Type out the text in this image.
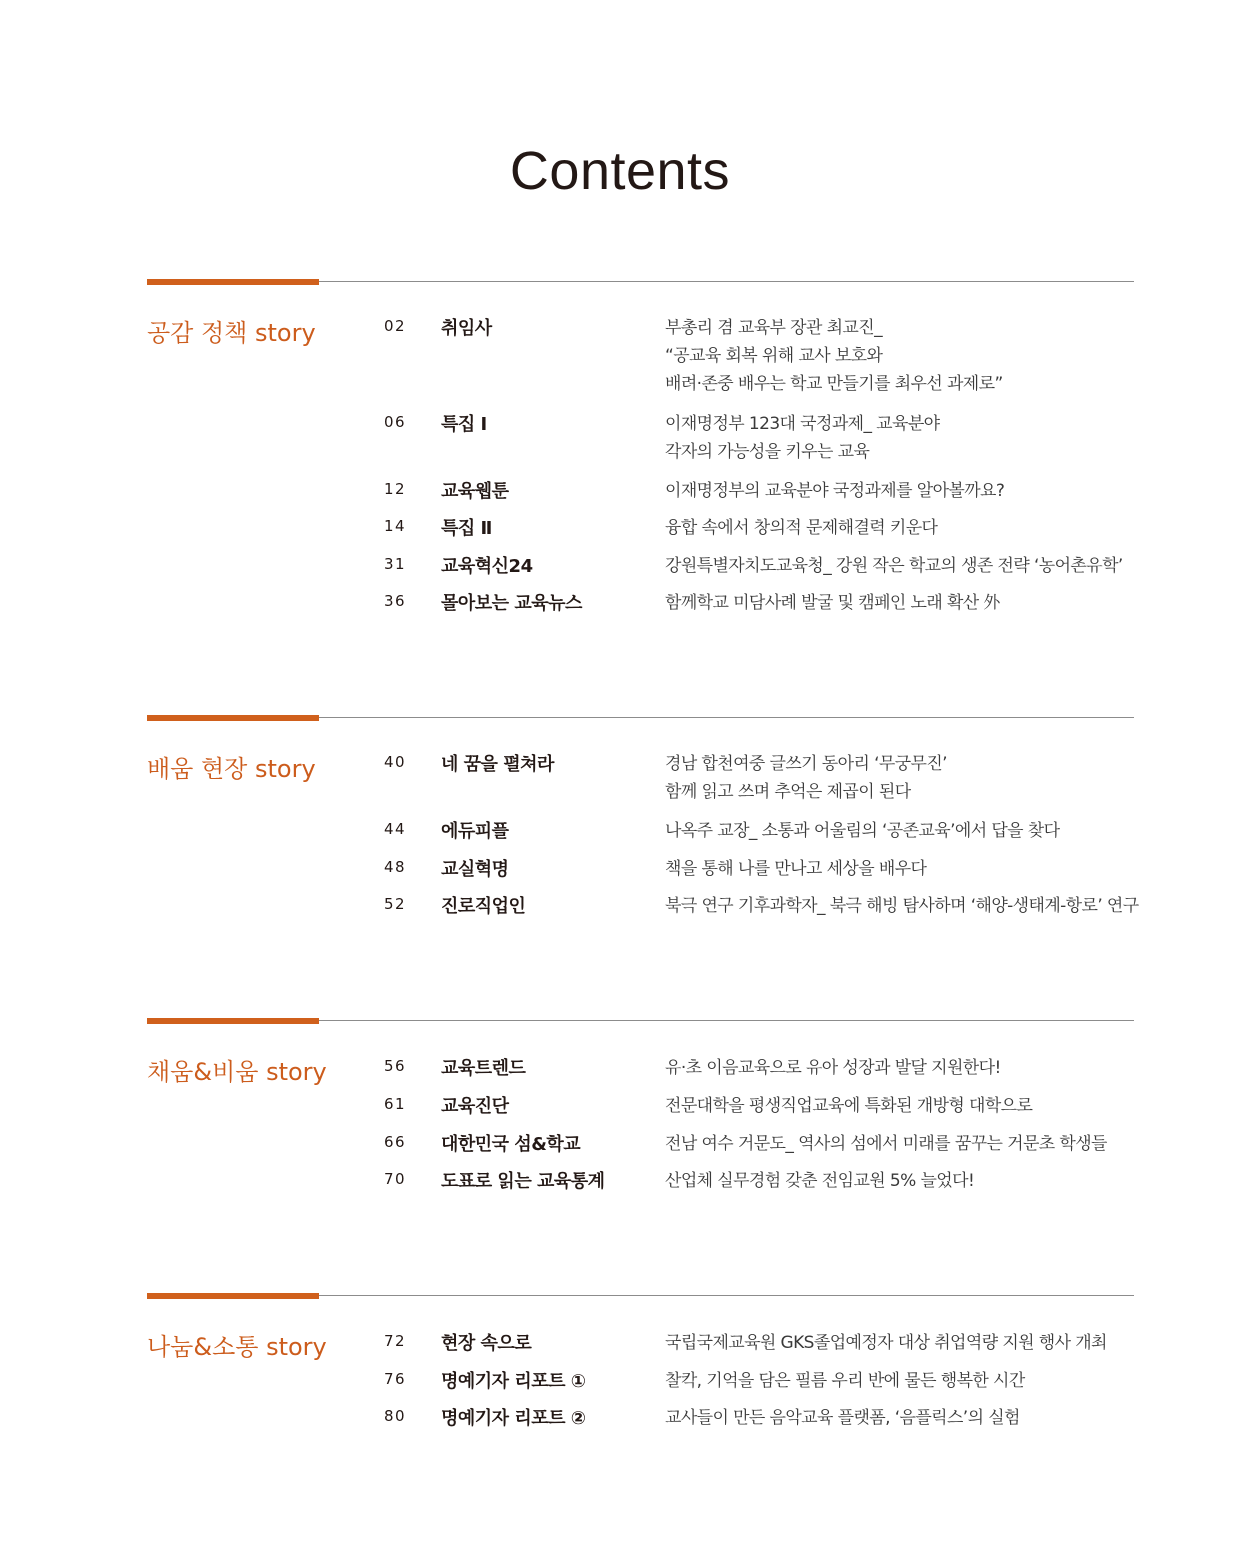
Contents
공감 정책 story	02 취임사	부총리 겸 교육부 장관 최교진_
“공교육 회복 위해 교사 보호와
배려·존중 배우는 학교 만들기를 최우선 과제로”
06 특집 Ⅰ	이재명정부 123대 국정과제_ 교육분야
각자의 가능성을 키우는 교육
12 교육웹툰	이재명정부의 교육분야 국정과제를 알아볼까요?
14 특집 Ⅱ	융합 속에서 창의적 문제해결력 키운다
31 교육혁신24	강원특별자치도교육청_ 강원 작은 학교의 생존 전략 ‘농어촌유학’
36 몰아보는 교육뉴스	함께학교 미담사례 발굴 및 캠페인 노래 확산 外
배움 현장 story	40 네 꿈을 펼쳐라	경남 합천여중 글쓰기 동아리 ‘무궁무진’
함께 읽고 쓰며 추억은 제곱이 된다
44 에듀피플	나옥주 교장_ 소통과 어울림의 ‘공존교육’에서 답을 찾다
48 교실혁명	책을 통해 나를 만나고 세상을 배우다
52 진로직업인	북극 연구 기후과학자_ 북극 해빙 탐사하며 ‘해양-생태계-항로’ 연구
채움&비움 story	56 교육트렌드	유·초 이음교육으로 유아 성장과 발달 지원한다!
61 교육진단	전문대학을 평생직업교육에 특화된 개방형 대학으로
66 대한민국 섬&학교	전남 여수 거문도_ 역사의 섬에서 미래를 꿈꾸는 거문초 학생들
70 도표로 읽는 교육통계	산업체 실무경험 갖춘 전임교원 5% 늘었다!
나눔&소통 story	72 현장 속으로	국립국제교육원 GKS졸업예정자 대상 취업역량 지원 행사 개최
76 명예기자 리포트 ①	찰칵, 기억을 담은 필름 우리 반에 물든 행복한 시간
80 명예기자 리포트 ②	교사들이 만든 음악교육 플랫폼, ‘음플릭스’의 실험
